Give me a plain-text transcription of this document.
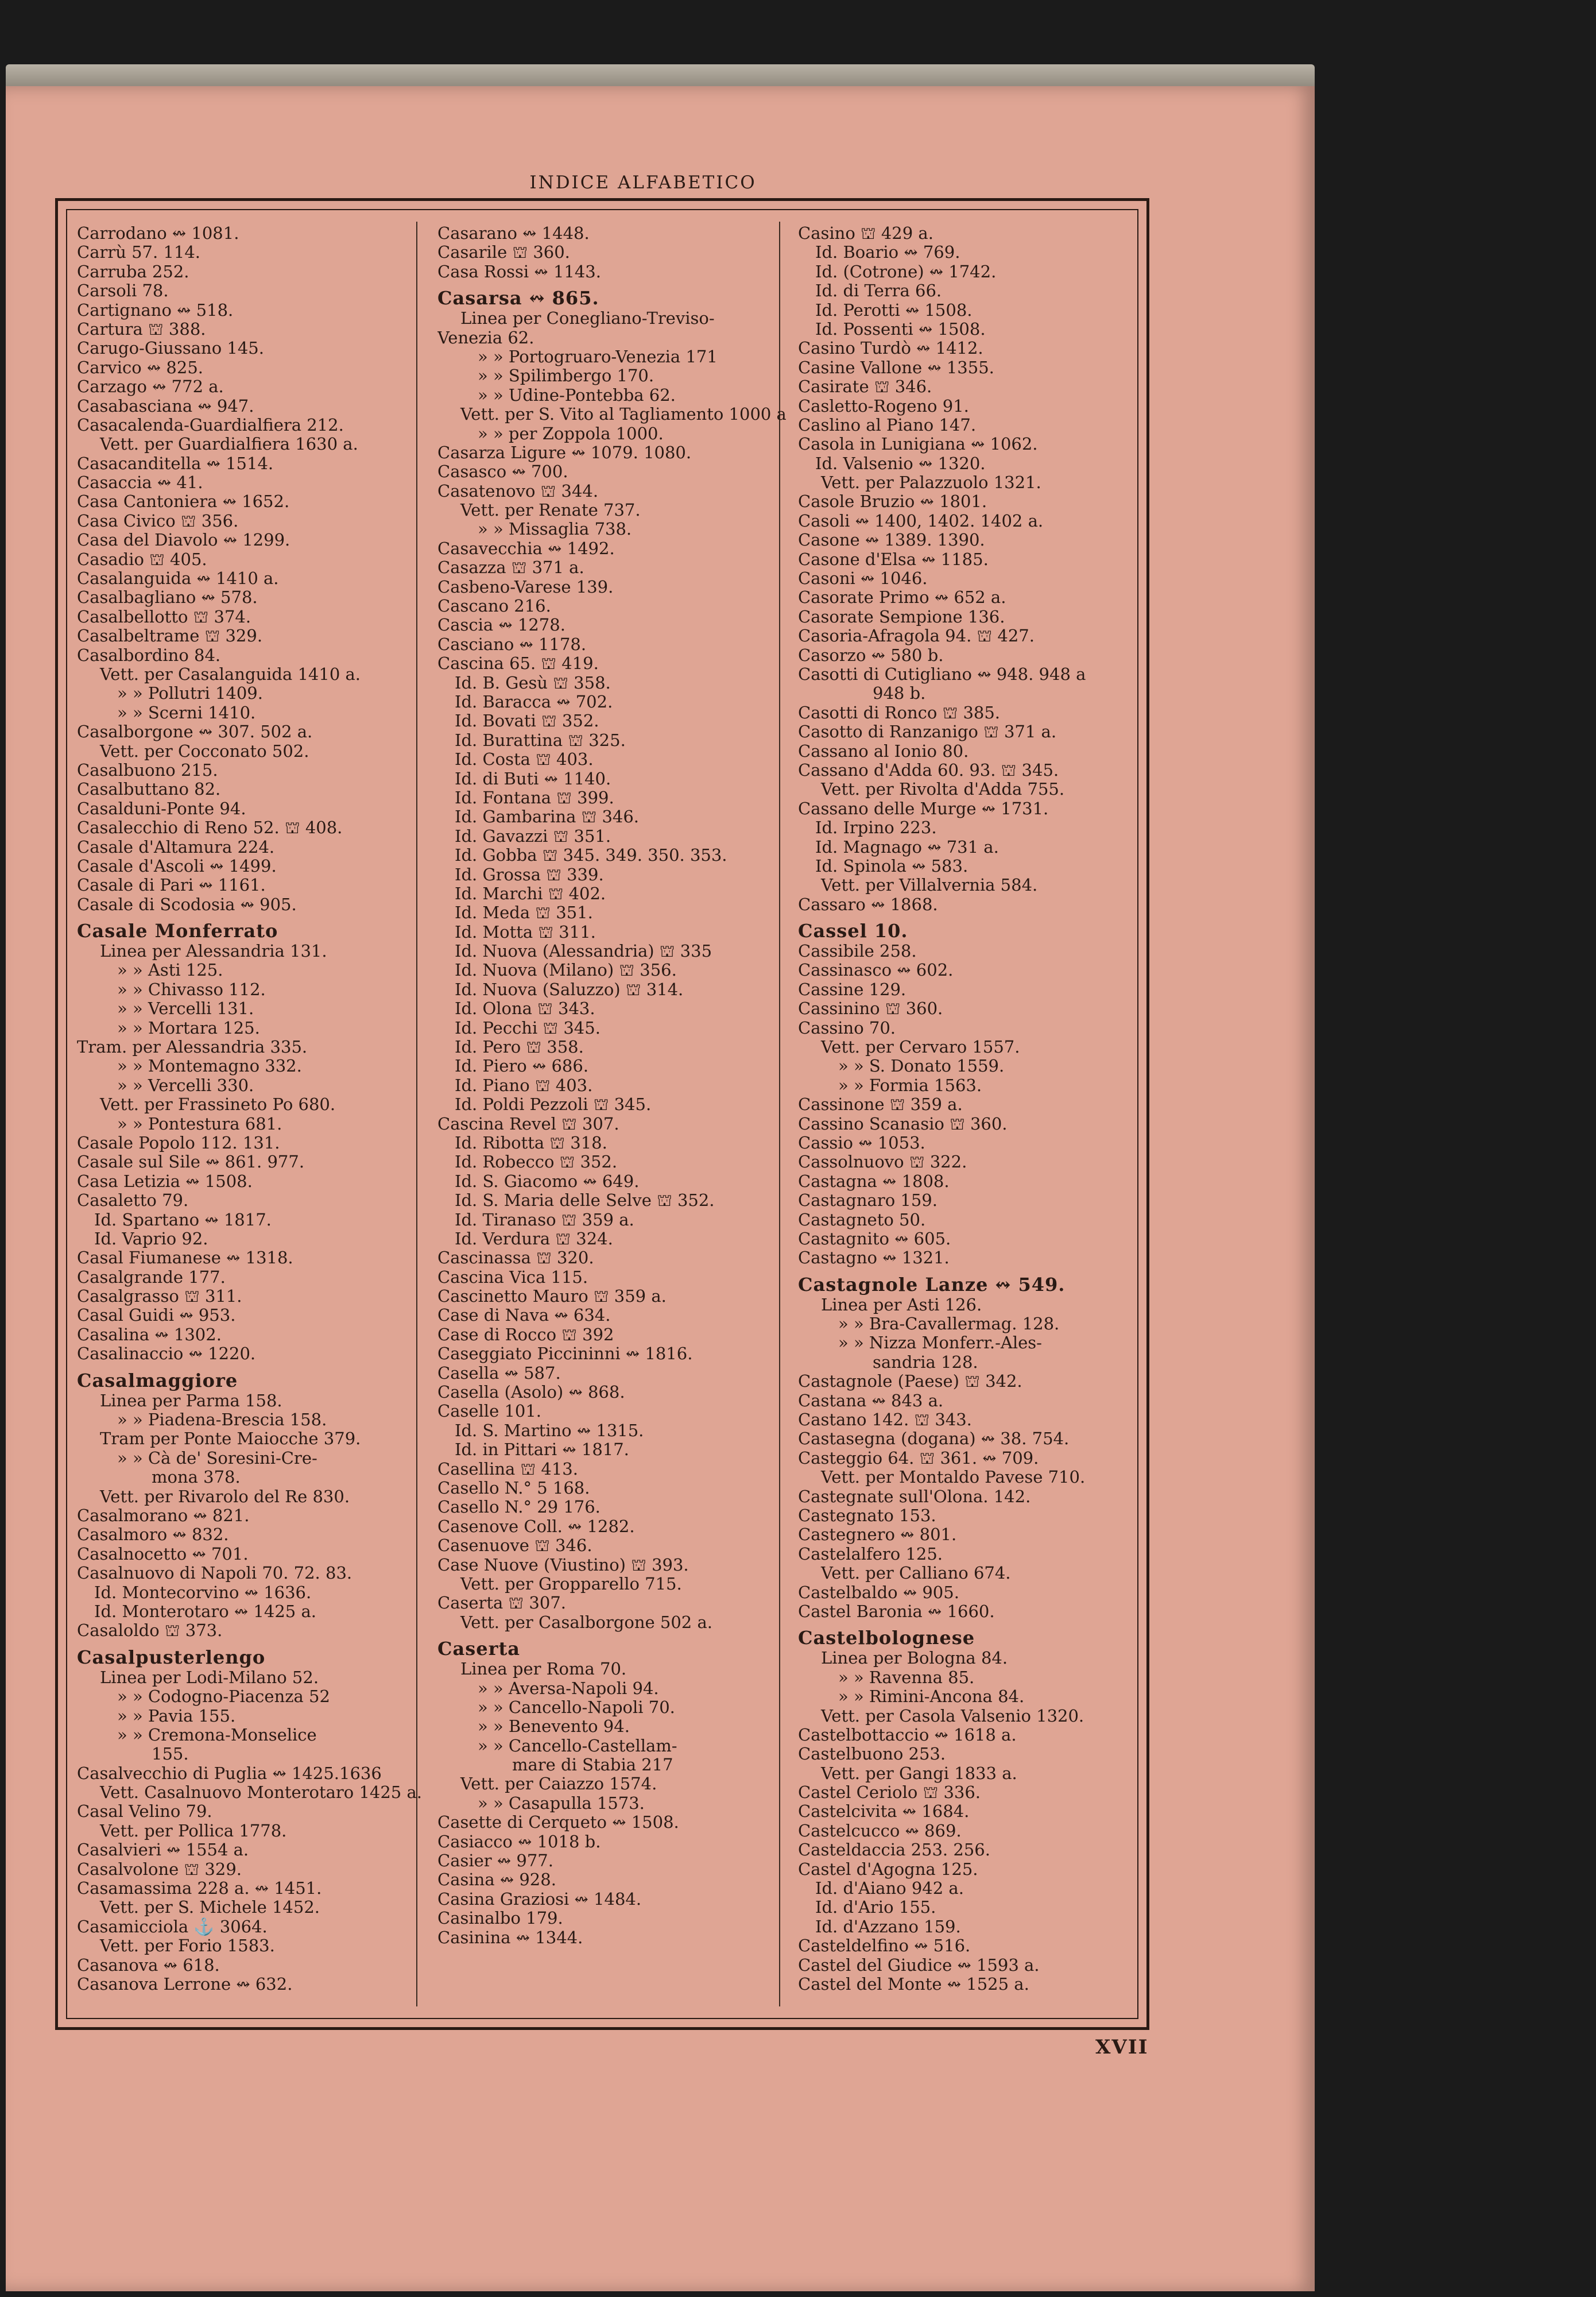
INDICE ALFABETICO
Carrodano ↭ 1081.
Carrù 57. 114.
Carruba 252.
Carsoli 78.
Cartignano ↭ 518.
Cartura ⛫ 388.
Carugo-Giussano 145.
Carvico ↭ 825.
Carzago ↭ 772 a.
Casabasciana ↭ 947.
Casacalenda-Guardialfiera 212.
Vett. per Guardialfiera 1630 a.
Casacanditella ↭ 1514.
Casaccia ↭ 41.
Casa Cantoniera ↭ 1652.
Casa Civico ⛫ 356.
Casa del Diavolo ↭ 1299.
Casadio ⛫ 405.
Casalanguida ↭ 1410 a.
Casalbagliano ↭ 578.
Casalbellotto ⛫ 374.
Casalbeltrame ⛫ 329.
Casalbordino 84.
Vett. per Casalanguida 1410 a.
» » Pollutri 1409.
» » Scerni 1410.
Casalborgone ↭ 307. 502 a.
Vett. per Cocconato 502.
Casalbuono 215.
Casalbuttano 82.
Casalduni-Ponte 94.
Casalecchio di Reno 52. ⛫ 408.
Casale d'Altamura 224.
Casale d'Ascoli ↭ 1499.
Casale di Pari ↭ 1161.
Casale di Scodosia ↭ 905.
Casale Monferrato
Linea per Alessandria 131.
» » Asti 125.
» » Chivasso 112.
» » Vercelli 131.
» » Mortara 125.
Tram. per Alessandria 335.
» » Montemagno 332.
» » Vercelli 330.
Vett. per Frassineto Po 680.
» » Pontestura 681.
Casale Popolo 112. 131.
Casale sul Sile ↭ 861. 977.
Casa Letizia ↭ 1508.
Casaletto 79.
Id. Spartano ↭ 1817.
Id. Vaprio 92.
Casal Fiumanese ↭ 1318.
Casalgrande 177.
Casalgrasso ⛫ 311.
Casal Guidi ↭ 953.
Casalina ↭ 1302.
Casalinaccio ↭ 1220.
Casalmaggiore
Linea per Parma 158.
» » Piadena-Brescia 158.
Tram per Ponte Maiocche 379.
» » Cà de' Soresini-Cre-
mona 378.
Vett. per Rivarolo del Re 830.
Casalmorano ↭ 821.
Casalmoro ↭ 832.
Casalnocetto ↭ 701.
Casalnuovo di Napoli 70. 72. 83.
Id. Montecorvino ↭ 1636.
Id. Monterotaro ↭ 1425 a.
Casaloldo ⛫ 373.
Casalpusterlengo
Linea per Lodi-Milano 52.
» » Codogno-Piacenza 52
» » Pavia 155.
» » Cremona-Monselice
155.
Casalvecchio di Puglia ↭ 1425.1636
Vett. Casalnuovo Monterotaro 1425 a.
Casal Velino 79.
Vett. per Pollica 1778.
Casalvieri ↭ 1554 a.
Casalvolone ⛫ 329.
Casamassima 228 a. ↭ 1451.
Vett. per S. Michele 1452.
Casamicciola ⚓ 3064.
Vett. per Forio 1583.
Casanova ↭ 618.
Casanova Lerrone ↭ 632.
Casarano ↭ 1448.
Casarile ⛫ 360.
Casa Rossi ↭ 1143.
Casarsa ↭ 865.
Linea per Conegliano-Treviso-
Venezia 62.
» » Portogruaro-Venezia 171
» » Spilimbergo 170.
» » Udine-Pontebba 62.
Vett. per S. Vito al Tagliamento 1000 a
» » per Zoppola 1000.
Casarza Ligure ↭ 1079. 1080.
Casasco ↭ 700.
Casatenovo ⛫ 344.
Vett. per Renate 737.
» » Missaglia 738.
Casavecchia ↭ 1492.
Casazza ⛫ 371 a.
Casbeno-Varese 139.
Cascano 216.
Cascia ↭ 1278.
Casciano ↭ 1178.
Cascina 65. ⛫ 419.
Id. B. Gesù ⛫ 358.
Id. Baracca ↭ 702.
Id. Bovati ⛫ 352.
Id. Burattina ⛫ 325.
Id. Costa ⛫ 403.
Id. di Buti ↭ 1140.
Id. Fontana ⛫ 399.
Id. Gambarina ⛫ 346.
Id. Gavazzi ⛫ 351.
Id. Gobba ⛫ 345. 349. 350. 353.
Id. Grossa ⛫ 339.
Id. Marchi ⛫ 402.
Id. Meda ⛫ 351.
Id. Motta ⛫ 311.
Id. Nuova (Alessandria) ⛫ 335
Id. Nuova (Milano) ⛫ 356.
Id. Nuova (Saluzzo) ⛫ 314.
Id. Olona ⛫ 343.
Id. Pecchi ⛫ 345.
Id. Pero ⛫ 358.
Id. Piero ↭ 686.
Id. Piano ⛫ 403.
Id. Poldi Pezzoli ⛫ 345.
Cascina Revel ⛫ 307.
Id. Ribotta ⛫ 318.
Id. Robecco ⛫ 352.
Id. S. Giacomo ↭ 649.
Id. S. Maria delle Selve ⛫ 352.
Id. Tiranaso ⛫ 359 a.
Id. Verdura ⛫ 324.
Cascinassa ⛫ 320.
Cascina Vica 115.
Cascinetto Mauro ⛫ 359 a.
Case di Nava ↭ 634.
Case di Rocco ⛫ 392
Caseggiato Piccininni ↭ 1816.
Casella ↭ 587.
Casella (Asolo) ↭ 868.
Caselle 101.
Id. S. Martino ↭ 1315.
Id. in Pittari ↭ 1817.
Casellina ⛫ 413.
Casello N.° 5 168.
Casello N.° 29 176.
Casenove Coll. ↭ 1282.
Casenuove ⛫ 346.
Case Nuove (Viustino) ⛫ 393.
Vett. per Gropparello 715.
Caserta ⛫ 307.
Vett. per Casalborgone 502 a.
Caserta
Linea per Roma 70.
» » Aversa-Napoli 94.
» » Cancello-Napoli 70.
» » Benevento 94.
» » Cancello-Castellam-
mare di Stabia 217
Vett. per Caiazzo 1574.
» » Casapulla 1573.
Casette di Cerqueto ↭ 1508.
Casiacco ↭ 1018 b.
Casier ↭ 977.
Casina ↭ 928.
Casina Graziosi ↭ 1484.
Casinalbo 179.
Casinina ↭ 1344.
Casino ⛫ 429 a.
Id. Boario ↭ 769.
Id. (Cotrone) ↭ 1742.
Id. di Terra 66.
Id. Perotti ↭ 1508.
Id. Possenti ↭ 1508.
Casino Turdò ↭ 1412.
Casine Vallone ↭ 1355.
Casirate ⛫ 346.
Casletto-Rogeno 91.
Caslino al Piano 147.
Casola in Lunigiana ↭ 1062.
Id. Valsenio ↭ 1320.
Vett. per Palazzuolo 1321.
Casole Bruzio ↭ 1801.
Casoli ↭ 1400, 1402. 1402 a.
Casone ↭ 1389. 1390.
Casone d'Elsa ↭ 1185.
Casoni ↭ 1046.
Casorate Primo ↭ 652 a.
Casorate Sempione 136.
Casoria-Afragola 94. ⛫ 427.
Casorzo ↭ 580 b.
Casotti di Cutigliano ↭ 948. 948 a
948 b.
Casotti di Ronco ⛫ 385.
Casotto di Ranzanigo ⛫ 371 a.
Cassano al Ionio 80.
Cassano d'Adda 60. 93. ⛫ 345.
Vett. per Rivolta d'Adda 755.
Cassano delle Murge ↭ 1731.
Id. Irpino 223.
Id. Magnago ↭ 731 a.
Id. Spinola ↭ 583.
Vett. per Villalvernia 584.
Cassaro ↭ 1868.
Cassel 10.
Cassibile 258.
Cassinasco ↭ 602.
Cassine 129.
Cassinino ⛫ 360.
Cassino 70.
Vett. per Cervaro 1557.
» » S. Donato 1559.
» » Formia 1563.
Cassinone ⛫ 359 a.
Cassino Scanasio ⛫ 360.
Cassio ↭ 1053.
Cassolnuovo ⛫ 322.
Castagna ↭ 1808.
Castagnaro 159.
Castagneto 50.
Castagnito ↭ 605.
Castagno ↭ 1321.
Castagnole Lanze ↭ 549.
Linea per Asti 126.
» » Bra-Cavallermag. 128.
» » Nizza Monferr.-Ales-
sandria 128.
Castagnole (Paese) ⛫ 342.
Castana ↭ 843 a.
Castano 142. ⛫ 343.
Castasegna (dogana) ↭ 38. 754.
Casteggio 64. ⛫ 361. ↭ 709.
Vett. per Montaldo Pavese 710.
Castegnate sull'Olona. 142.
Castegnato 153.
Castegnero ↭ 801.
Castelalfero 125.
Vett. per Calliano 674.
Castelbaldo ↭ 905.
Castel Baronia ↭ 1660.
Castelbolognese
Linea per Bologna 84.
» » Ravenna 85.
» » Rimini-Ancona 84.
Vett. per Casola Valsenio 1320.
Castelbottaccio ↭ 1618 a.
Castelbuono 253.
Vett. per Gangi 1833 a.
Castel Ceriolo ⛫ 336.
Castelcivita ↭ 1684.
Castelcucco ↭ 869.
Casteldaccia 253. 256.
Castel d'Agogna 125.
Id. d'Aiano 942 a.
Id. d'Ario 155.
Id. d'Azzano 159.
Casteldelfino ↭ 516.
Castel del Giudice ↭ 1593 a.
Castel del Monte ↭ 1525 a.
XVII
